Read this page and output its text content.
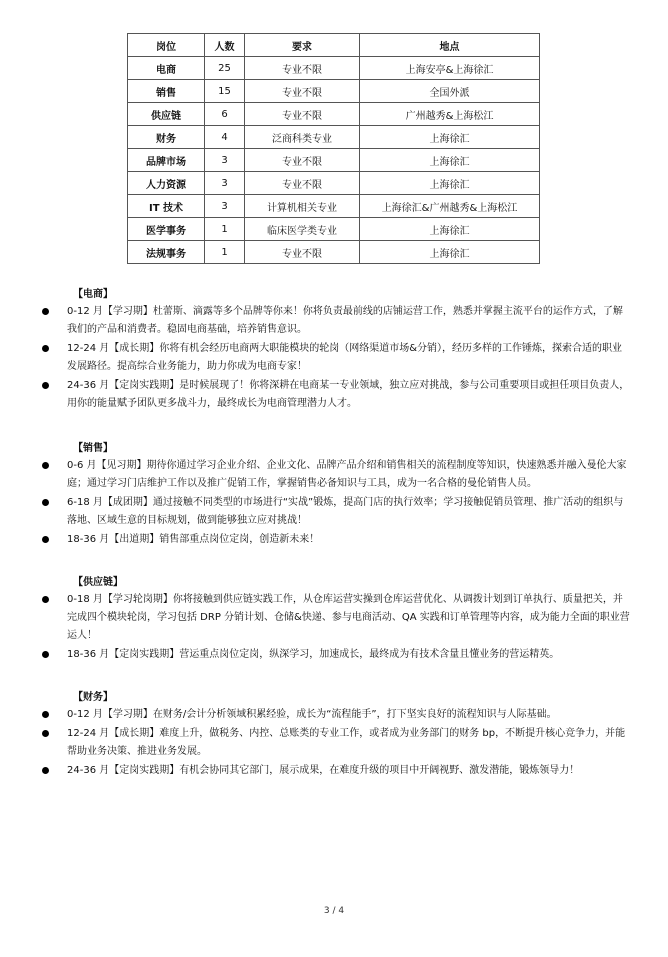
岗位	人数	要求	地点
电商	25	专业不限	上海安亭&上海徐汇
销售	15	专业不限	全国外派
供应链	6	专业不限	广州越秀&上海松江
财务	4	泛商科类专业	上海徐汇
品牌市场	3	专业不限	上海徐汇
人力资源	3	专业不限	上海徐汇
IT 技术	3	计算机相关专业	上海徐汇&广州越秀&上海松江
医学事务	1	临床医学类专业	上海徐汇
法规事务	1	专业不限	上海徐汇
【电商】
0-12 月【学习期】杜蕾斯、滴露等多个品牌等你来！你将负责最前线的店铺运营工作，熟悉并掌握主流平台的运作方式，了解我们的产品和消费者。稳固电商基础，培养销售意识。
12-24 月【成长期】你将有机会经历电商两大职能模块的轮岗（网络渠道市场&分销），经历多样的工作锤炼，探索合适的职业发展路径。提高综合业务能力，助力你成为电商专家！
24-36 月【定岗实践期】是时候展现了！你将深耕在电商某一专业领域，独立应对挑战，参与公司重要项目或担任项目负责人，用你的能量赋予团队更多战斗力，最终成长为电商管理潜力人才。
【销售】
0-6 月【见习期】期待你通过学习企业介绍、企业文化、品牌产品介绍和销售相关的流程制度等知识，快速熟悉并融入曼伦大家庭；通过学习门店维护工作以及推广促销工作，掌握销售必备知识与工具，成为一名合格的曼伦销售人员。
6-18 月【成团期】通过接触不同类型的市场进行“实战”锻炼，提高门店的执行效率；学习接触促销员管理、推广活动的组织与落地、区域生意的目标规划，做到能够独立应对挑战！
18-36 月【出道期】销售部重点岗位定岗，创造新未来！
【供应链】
0-18 月【学习轮岗期】你将接触到供应链实践工作，从仓库运营实操到仓库运营优化、从调拨计划到订单执行、质量把关，并完成四个模块轮岗，学习包括 DRP 分销计划、仓储&快递、参与电商活动、QA 实践和订单管理等内容，成为能力全面的职业营运人！
18-36 月【定岗实践期】营运重点岗位定岗，纵深学习，加速成长，最终成为有技术含量且懂业务的营运精英。
【财务】
0-12 月【学习期】在财务/会计分析领域积累经验，成长为“流程能手”，打下坚实良好的流程知识与人际基础。
12-24 月【成长期】难度上升，做税务、内控、总账类的专业工作，或者成为业务部门的财务 bp，不断提升核心竞争力，并能帮助业务决策、推进业务发展。
24-36 月【定岗实践期】有机会协同其它部门，展示成果，在难度升级的项目中开阔视野、激发潜能，锻炼领导力！
3 / 4
